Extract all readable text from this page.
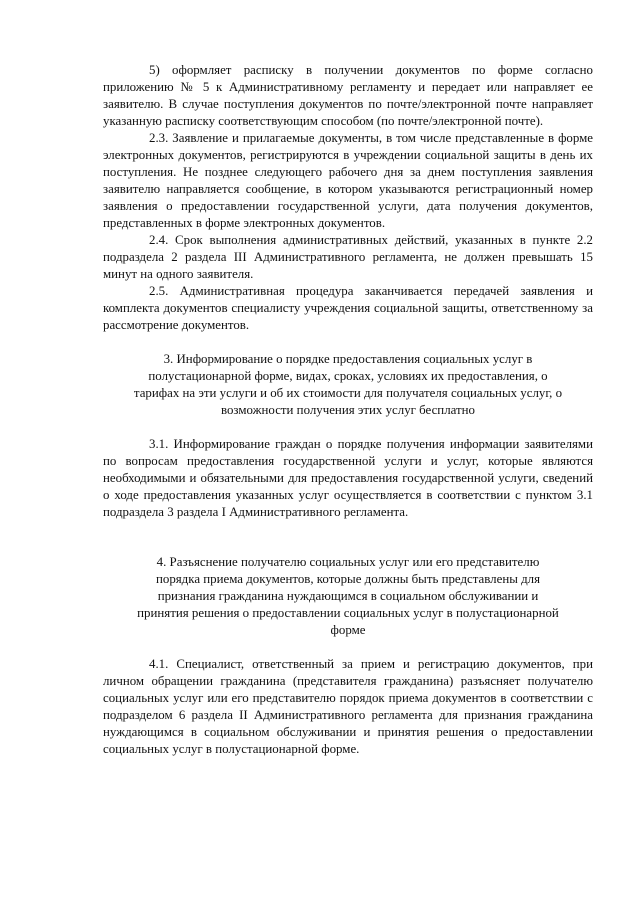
5) оформляет расписку в получении документов по форме согласно приложению № 5 к Административному регламенту и передает или направляет ее заявителю. В случае поступления документов по почте/электронной почте направляет указанную расписку соответствующим способом (по почте/электронной почте).

2.3. Заявление и прилагаемые документы, в том числе представленные в форме электронных документов, регистрируются в учреждении социальной защиты в день их поступления. Не позднее следующего рабочего дня за днем поступления заявления заявителю направляется сообщение, в котором указываются регистрационный номер заявления о предоставлении государственной услуги, дата получения документов, представленных в форме электронных документов.

2.4. Срок выполнения административных действий, указанных в пункте 2.2 подраздела 2 раздела III Административного регламента, не должен превышать 15 минут на одного заявителя.

2.5. Административная процедура заканчивается передачей заявления и комплекта документов специалисту учреждения социальной защиты, ответственному за рассмотрение документов.

3. Информирование о порядке предоставления социальных услуг в
полустационарной форме, видах, сроках, условиях их предоставления, о
тарифах на эти услуги и об их стоимости для получателя социальных услуг, о
возможности получения этих услуг бесплатно

3.1. Информирование граждан о порядке получения информации заявителями по вопросам предоставления государственной услуги и услуг, которые являются необходимыми и обязательными для предоставления государственной услуги, сведений о ходе предоставления указанных услуг осуществляется в соответствии с пунктом 3.1 подраздела 3 раздела I Административного регламента.

4. Разъяснение получателю социальных услуг или его представителю
порядка приема документов, которые должны быть представлены для
признания гражданина нуждающимся в социальном обслуживании и
принятия решения о предоставлении социальных услуг в полустационарной
форме

4.1. Специалист, ответственный за прием и регистрацию документов, при личном обращении гражданина (представителя гражданина) разъясняет получателю социальных услуг или его представителю порядок приема документов в соответствии с подразделом 6 раздела II Административного регламента для признания гражданина нуждающимся в социальном обслуживании и принятия решения о предоставлении социальных услуг в полустационарной форме.
